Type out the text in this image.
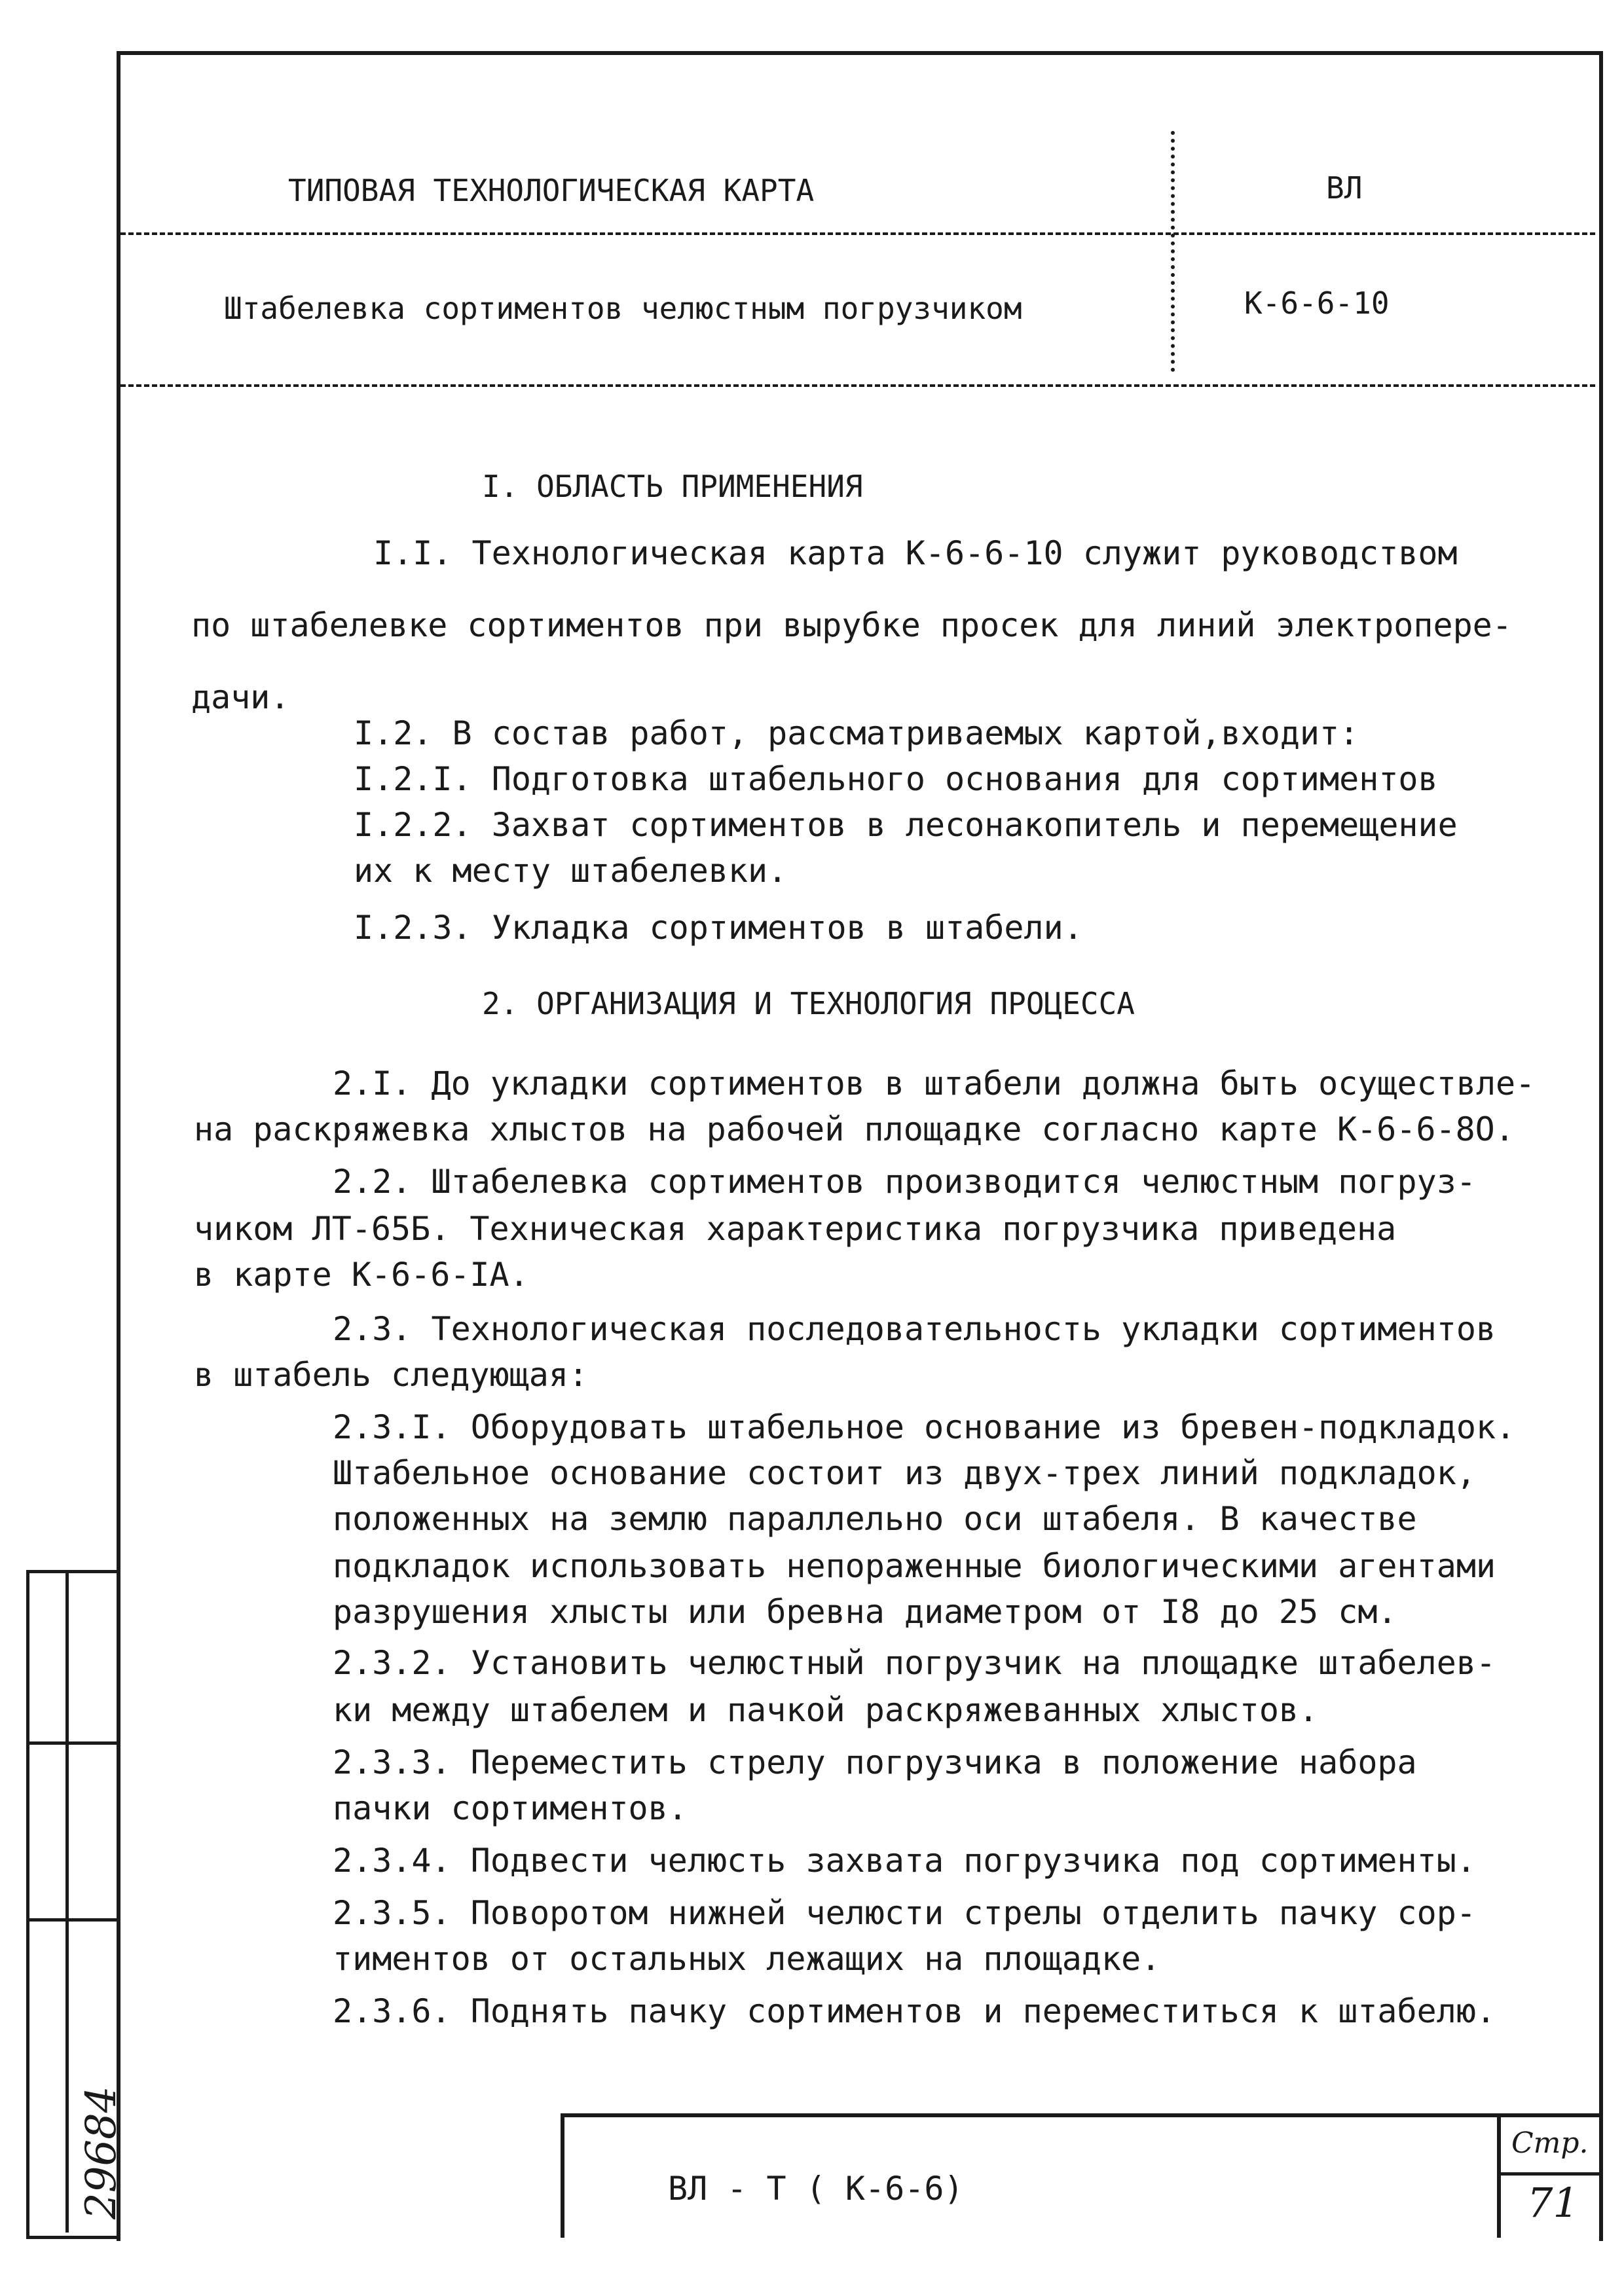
ТИПОВАЯ ТЕХНОЛОГИЧЕСКАЯ КАРТА	ВЛ
Штабелевка сортиментов челюстным погрузчиком	К-6-6-10
I. ОБЛАСТЬ ПРИМЕНЕНИЯ
I.I. Технологическая карта К-6-6-10 служит руководством
по штабелевке сортиментов при вырубке просек для линий электропере-
дачи.
I.2. В состав работ, рассматриваемых картой,входит:
I.2.I. Подготовка штабельного основания для сортиментов
I.2.2. Захват сортиментов в лесонакопитель и перемещение
их к месту штабелевки.
I.2.3. Укладка сортиментов в штабели.
2. ОРГАНИЗАЦИЯ И ТЕХНОЛОГИЯ ПРОЦЕССА
2.I. До укладки сортиментов в штабели должна быть осуществле-
на раскряжевка хлыстов на рабочей площадке согласно карте К-6-6-8О.
2.2. Штабелевка сортиментов производится челюстным погруз-
чиком ЛТ-65Б. Техническая характеристика погрузчика приведена
в карте К-6-6-IА.
2.3. Технологическая последовательность укладки сортиментов
в штабель следующая:
2.3.I. Оборудовать штабельное основание из бревен-подкладок.
Штабельное основание состоит из двух-трех линий подкладок,
положенных на землю параллельно оси штабеля. В качестве
подкладок использовать непораженные биологическими агентами
разрушения хлысты или бревна диаметром от I8 до 25 см.
2.3.2. Установить челюстный погрузчик на площадке штабелев-
ки между штабелем и пачкой раскряжеванных хлыстов.
2.3.3. Переместить стрелу погрузчика в положение набора
пачки сортиментов.
2.3.4. Подвести челюсть захвата погрузчика под сортименты.
2.3.5. Поворотом нижней челюсти стрелы отделить пачку сор-
тиментов от остальных лежащих на площадке.
2.3.6. Поднять пачку сортиментов и переместиться к штабелю.
ВЛ - Т ( К-6-6)
Стр.
71
29684
